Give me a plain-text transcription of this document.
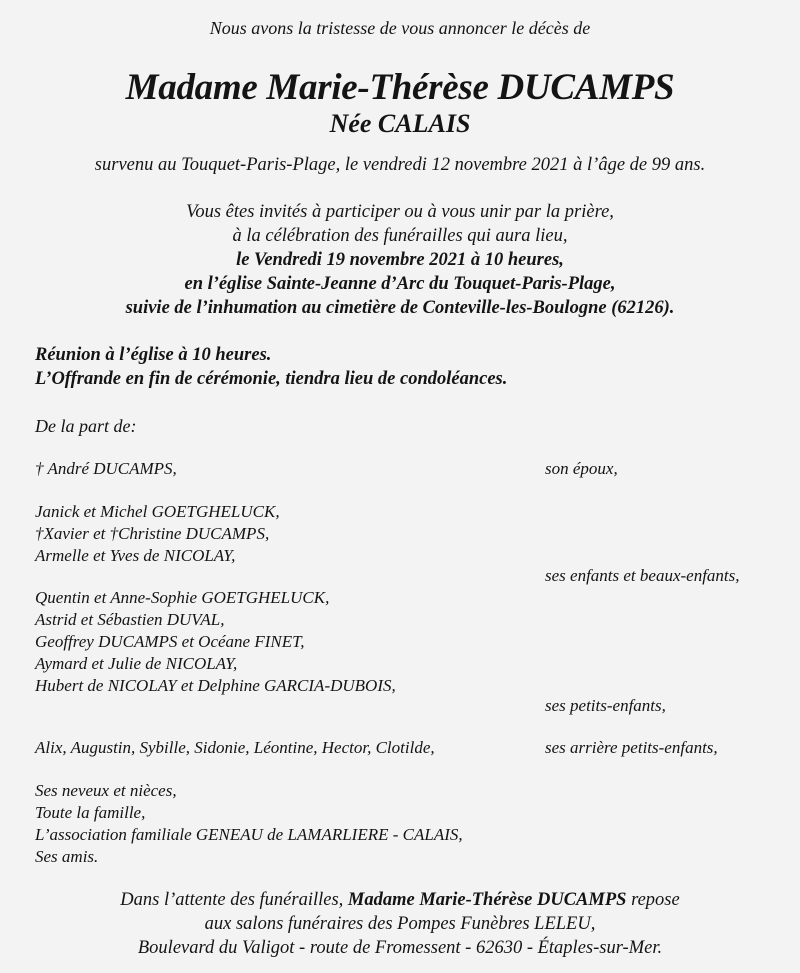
Nous avons la tristesse de vous annoncer le décès de
Madame Marie-Thérèse DUCAMPS
Née CALAIS
survenu au Touquet-Paris-Plage, le vendredi 12 novembre 2021 à l’âge de 99 ans.
Vous êtes invités à participer ou à vous unir par la prière,
à la célébration des funérailles qui aura lieu,
le Vendredi 19 novembre 2021 à 10 heures,
en l’église Sainte-Jeanne d’Arc du Touquet-Paris-Plage,
suivie de l’inhumation au cimetière de Conteville-les-Boulogne (62126).
Réunion à l’église à 10 heures.
L’Offrande en fin de cérémonie, tiendra lieu de condoléances.
De la part de:
† André DUCAMPS,	son époux,
Janick et Michel GOETGHELUCK,
†Xavier et †Christine DUCAMPS,
Armelle et Yves de NICOLAY,
ses enfants et beaux-enfants,
Quentin et Anne-Sophie GOETGHELUCK,
Astrid et Sébastien DUVAL,
Geoffrey DUCAMPS et Océane FINET,
Aymard et Julie de NICOLAY,
Hubert de NICOLAY et Delphine GARCIA-DUBOIS,
ses petits-enfants,
Alix, Augustin, Sybille, Sidonie, Léontine, Hector, Clotilde,	ses arrière petits-enfants,
Ses neveux et nièces,
Toute la famille,
L’association familiale GENEAU de LAMARLIERE - CALAIS,
Ses amis.
Dans l’attente des funérailles, Madame Marie-Thérèse DUCAMPS repose
aux salons funéraires des Pompes Funèbres LELEU,
Boulevard du Valigot - route de Fromessent - 62630 - Étaples-sur-Mer.
